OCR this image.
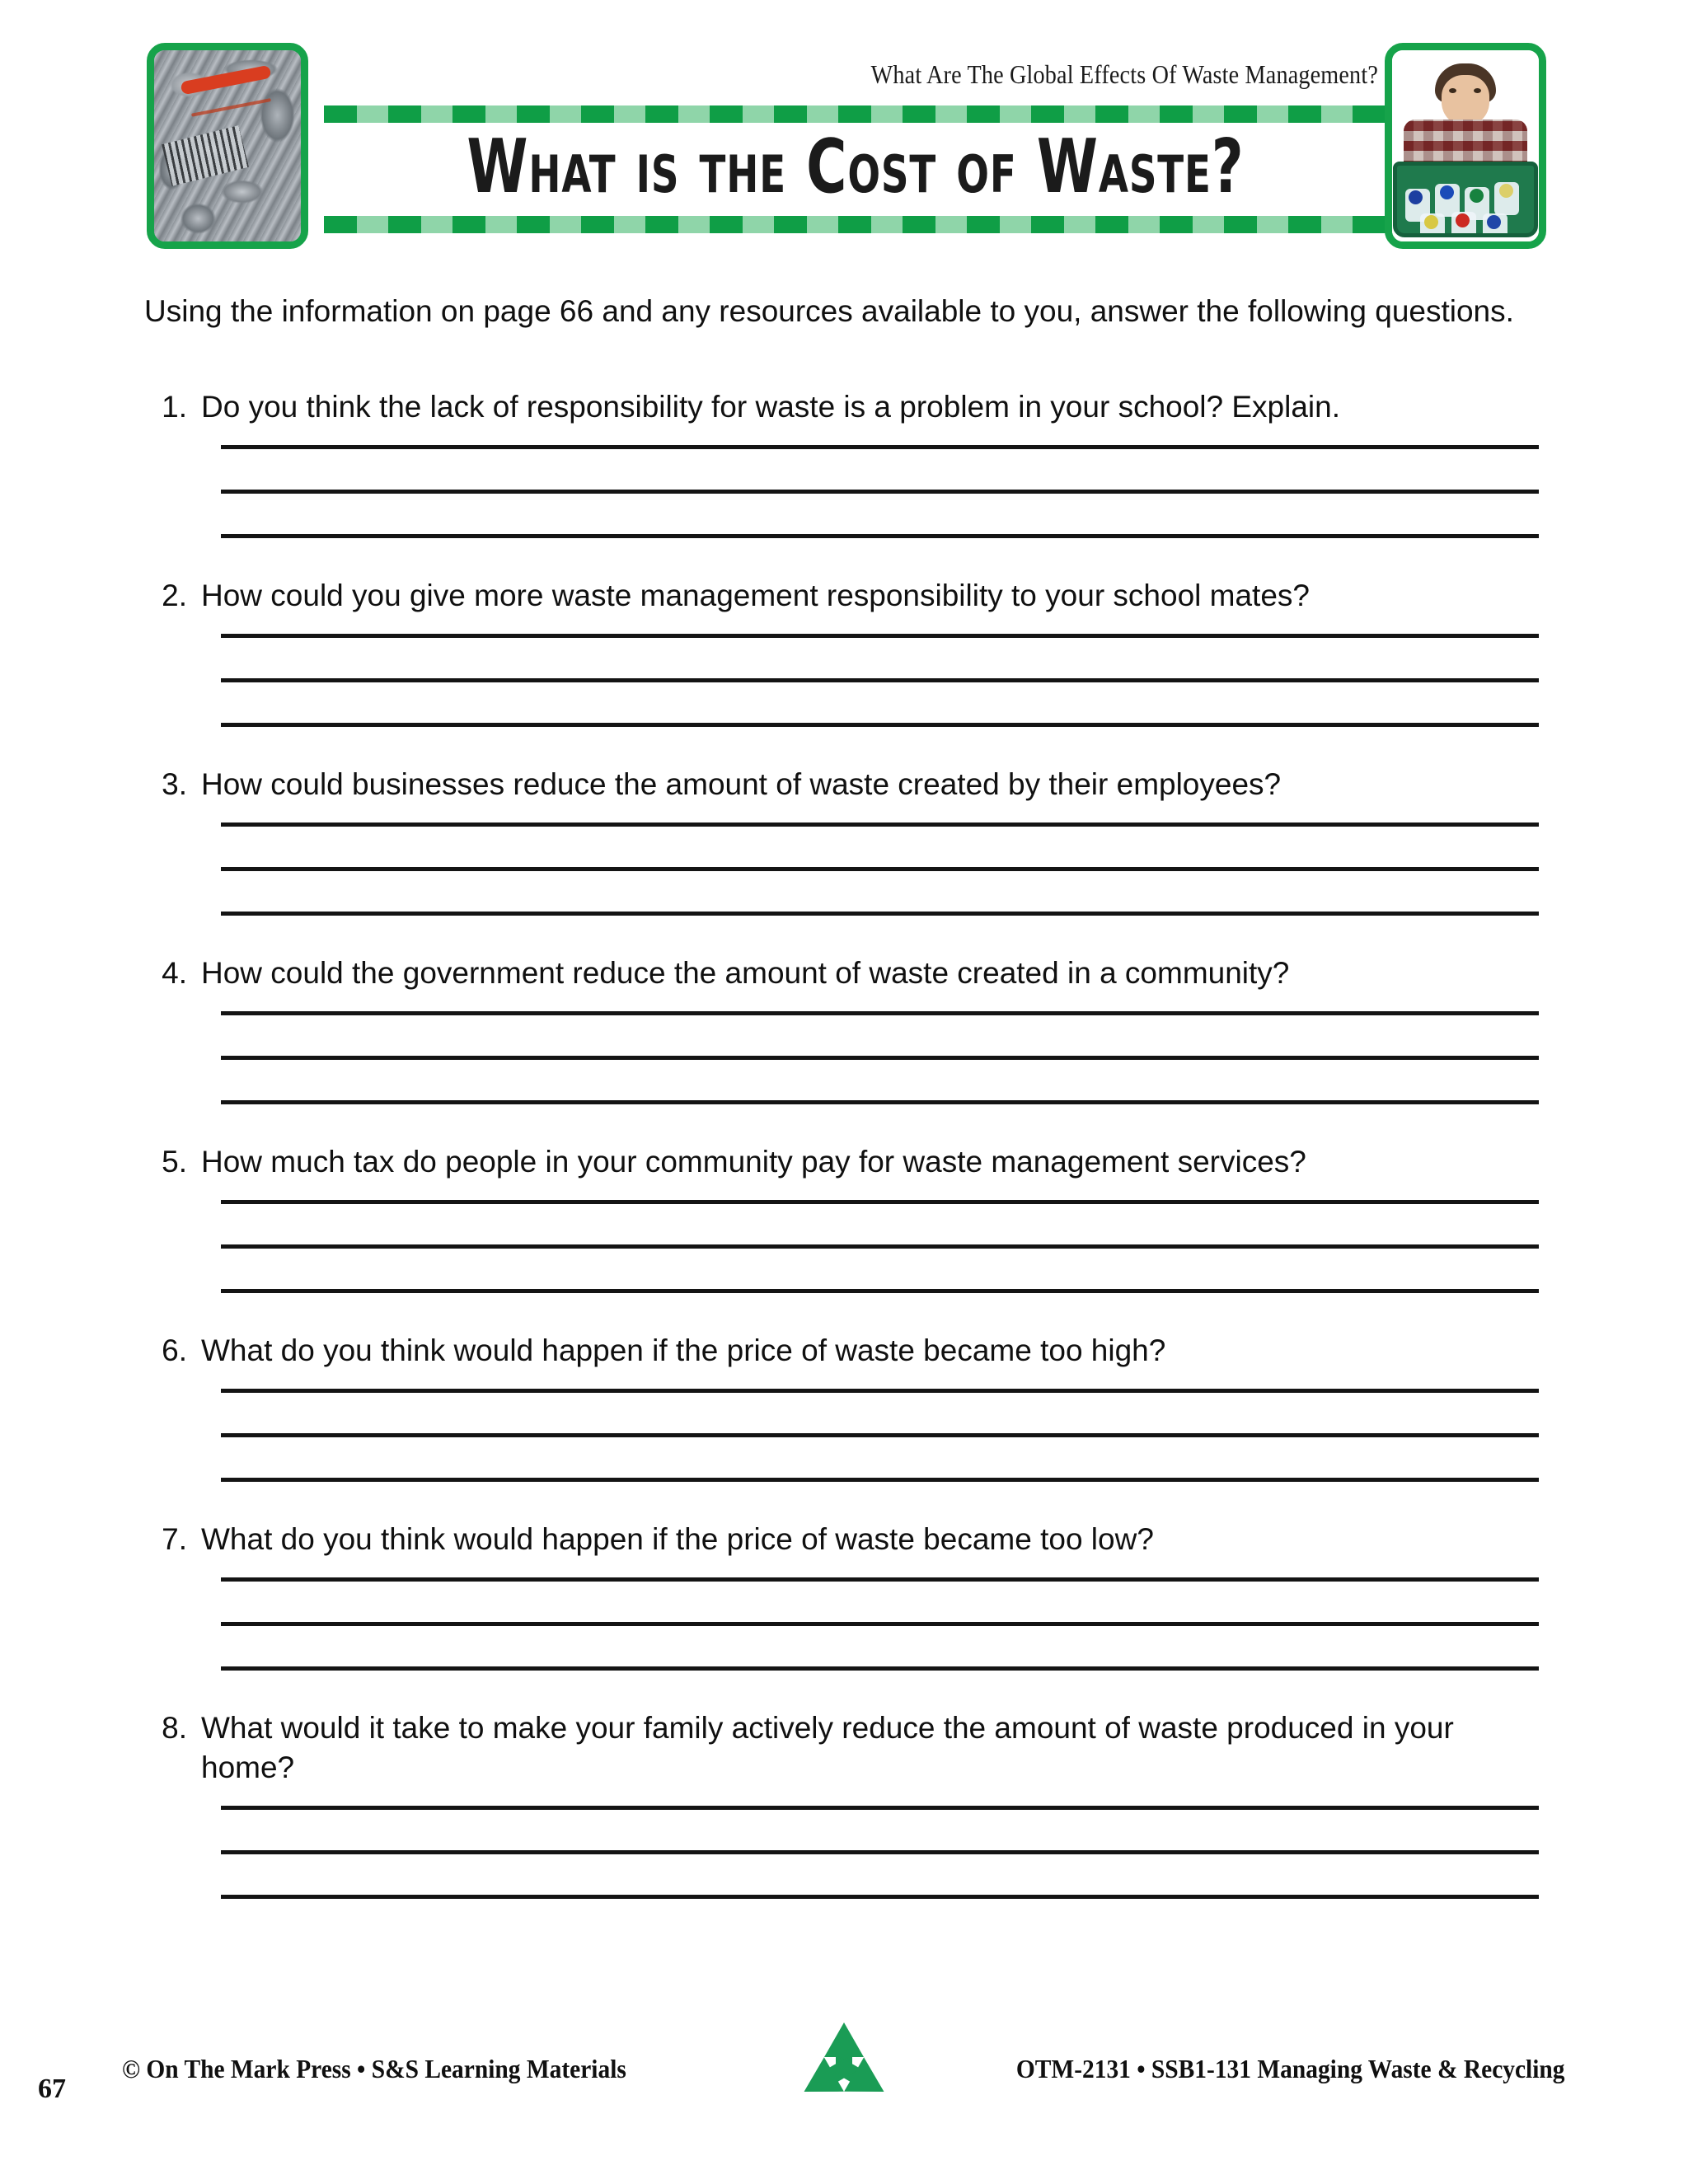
What Are The Global Effects Of Waste Management?
What is the Cost of Waste?
Using the information on page 66 and any resources available to you, answer the following questions.
1. Do you think the lack of responsibility for waste is a problem in your school? Explain.
2. How could you give more waste management responsibility to your school mates?
3. How could businesses reduce the amount of waste created by their employees?
4. How could the government reduce the amount of waste created in a community?
5. How much tax do people in your community pay for waste management services?
6. What do you think would happen if the price of waste became too high?
7. What do you think would happen if the price of waste became too low?
8. What would it take to make your family actively reduce the amount of waste produced in your home?
© On The Mark Press • S&S Learning Materials
67
OTM-2131 • SSB1-131 Managing Waste & Recycling
